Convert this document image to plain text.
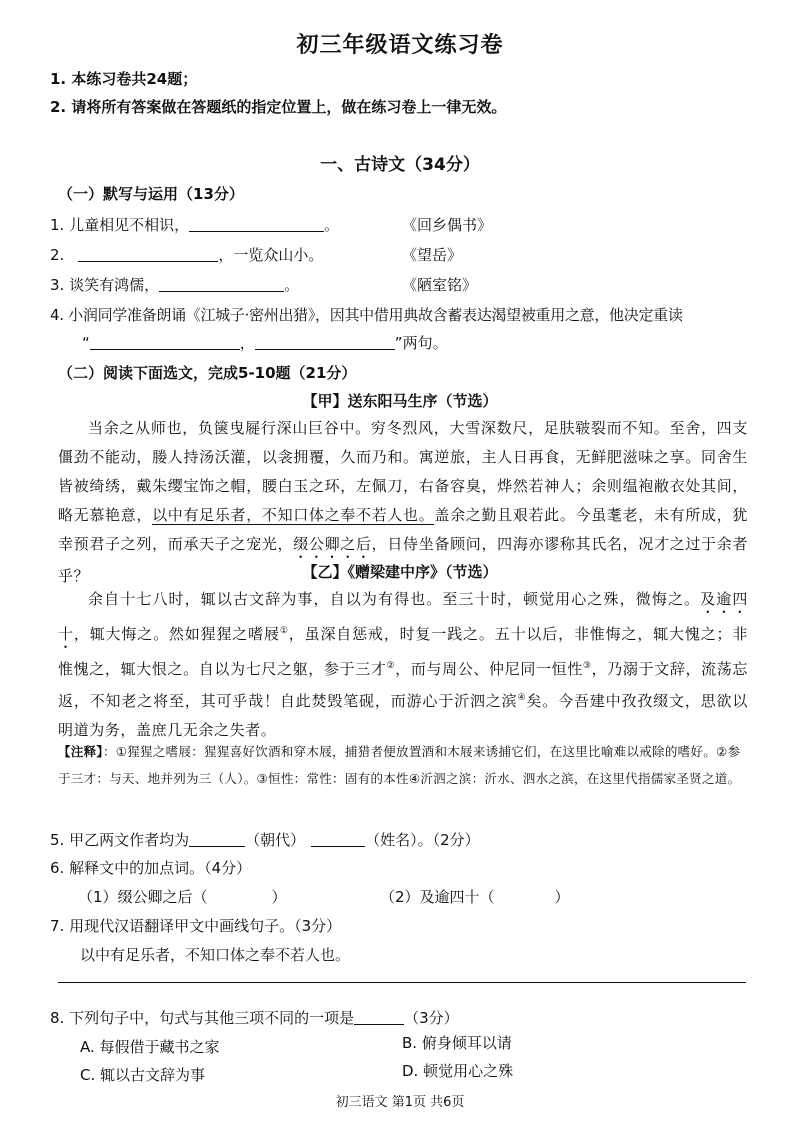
初三年级语文练习卷
1. 本练习卷共24题；
2. 请将所有答案做在答题纸的指定位置上，做在练习卷上一律无效。
一、古诗文（34分）
（一）默写与运用（13分）
1. 儿童相见不相识，	。	《回乡偶书》
2.	，一览众山小。	《望岳》
3. 谈笑有鸿儒，	。	《陋室铭》
4. 小润同学准备朗诵《江城子·密州出猎》，因其中借用典故含蓄表达渴望被重用之意，他决定重读
“	，	”两句。
（二）阅读下面选文，完成5-10题（21分）
【甲】送东阳马生序（节选）
当余之从师也，负箧曳屣行深山巨谷中。穷冬烈风，大雪深数尺，足肤皲裂而不知。至舍，四支僵劲不能动，媵人持汤沃灌，以衾拥覆，久而乃和。寓逆旅，主人日再食，无鲜肥滋味之享。同舍生皆被绮绣，戴朱缨宝饰之帽，腰白玉之环，左佩刀，右备容臭，烨然若神人；余则缊袍敝衣处其间，略无慕艳意，以中有足乐者，不知口体之奉不若人也。盖余之勤且艰若此。今虽耄老，未有所成，犹幸预君子之列，而承天子之宠光，缀公卿之后，日侍坐备顾问，四海亦谬称其氏名，况才之过于余者乎？	【乙】《赠梁建中序》（节选）
余自十七八时，辄以古文辞为事，自以为有得也。至三十时，顿觉用心之殊，微悔之。及逾四十，辄大悔之。然如猩猩之嗜屐①，虽深自惩戒，时复一践之。五十以后，非惟悔之，辄大愧之；非惟愧之，辄大恨之。自以为七尺之躯，参于三才②，而与周公、仲尼同一恒性③，乃溺于文辞，流荡忘返，不知老之将至，其可乎哉！自此焚毁笔砚，而游心于沂泗之滨④矣。今吾建中孜孜缀文，思欲以明道为务，盖庶几无余之失者。
【注释】：①猩猩之嗜屐：猩猩喜好饮酒和穿木屐，捕猎者便放置酒和木屐来诱捕它们，在这里比喻难以戒除的嗜好。②参于三才：与天、地并列为三（人）。③恒性：常性：固有的本性④沂泗之滨：沂水、泗水之滨，在这里代指儒家圣贤之道。
5. 甲乙两文作者均为	（朝代）	（姓名）。（2分）
6. 解释文中的加点词。（4分）
（1）缀公卿之后（	）	（2）及逾四十（	）
7. 用现代汉语翻译甲文中画线句子。（3分）
以中有足乐者，不知口体之奉不若人也。
8. 下列句子中，句式与其他三项不同的一项是	（3分）
A. 每假借于藏书之家	B. 俯身倾耳以请
C. 辄以古文辞为事	D. 顿觉用心之殊
初三语文 第1页 共6页
